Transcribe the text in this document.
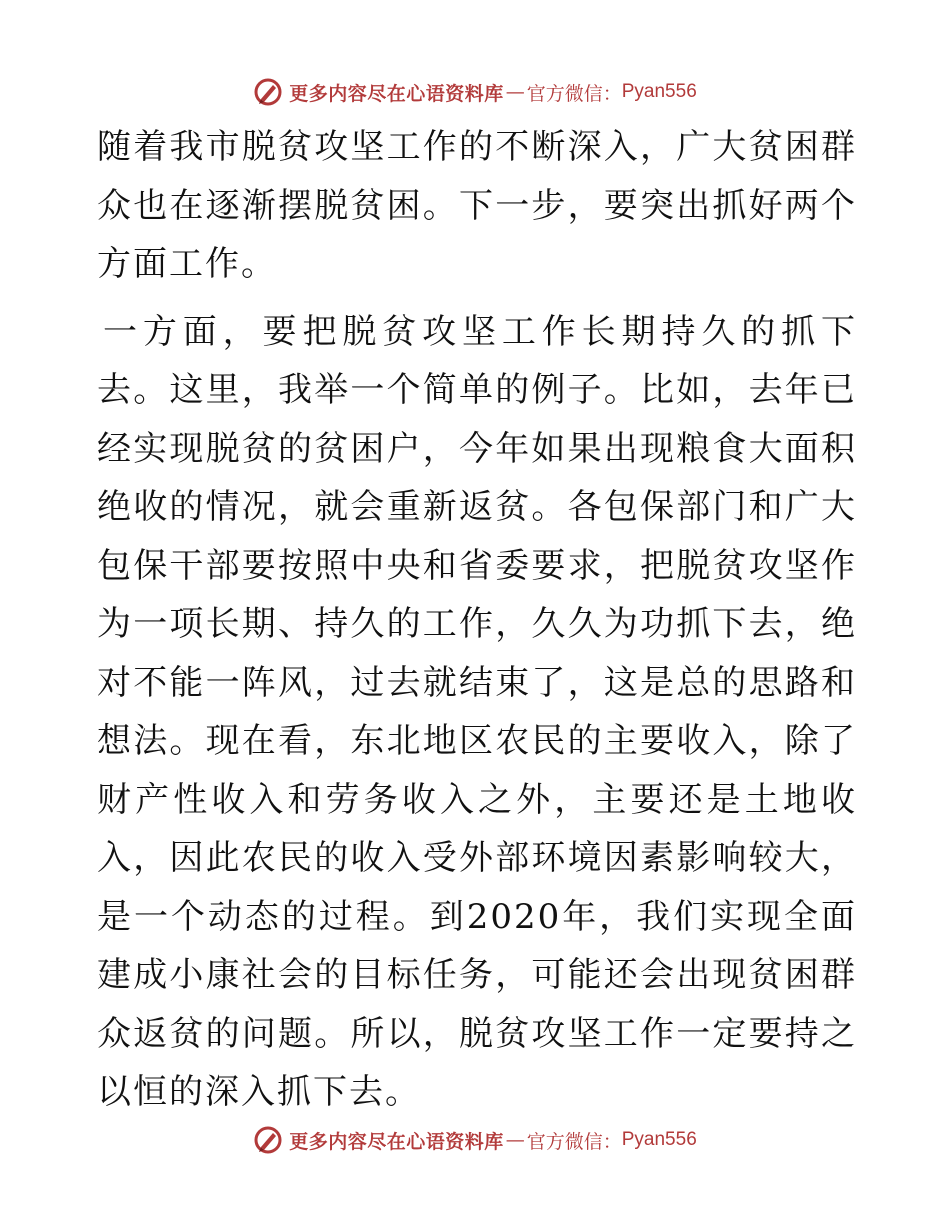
更多内容尽在心语资料库 — 官方微信： Pyan556

随着我市脱贫攻坚工作的不断深入，广大贫困群众也在逐渐摆脱贫困。下一步，要突出抓好两个方面工作。

一方面，要把脱贫攻坚工作长期持久的抓下去。这里，我举一个简单的例子。比如，去年已经实现脱贫的贫困户，今年如果出现粮食大面积绝收的情况，就会重新返贫。各包保部门和广大包保干部要按照中央和省委要求，把脱贫攻坚作为一项长期、持久的工作，久久为功抓下去，绝对不能一阵风，过去就结束了，这是总的思路和想法。现在看，东北地区农民的主要收入，除了财产性收入和劳务收入之外，主要还是土地收入，因此农民的收入受外部环境因素影响较大，是一个动态的过程。到2020年，我们实现全面建成小康社会的目标任务，可能还会出现贫困群众返贫的问题。所以，脱贫攻坚工作一定要持之以恒的深入抓下去。

更多内容尽在心语资料库 — 官方微信： Pyan556
